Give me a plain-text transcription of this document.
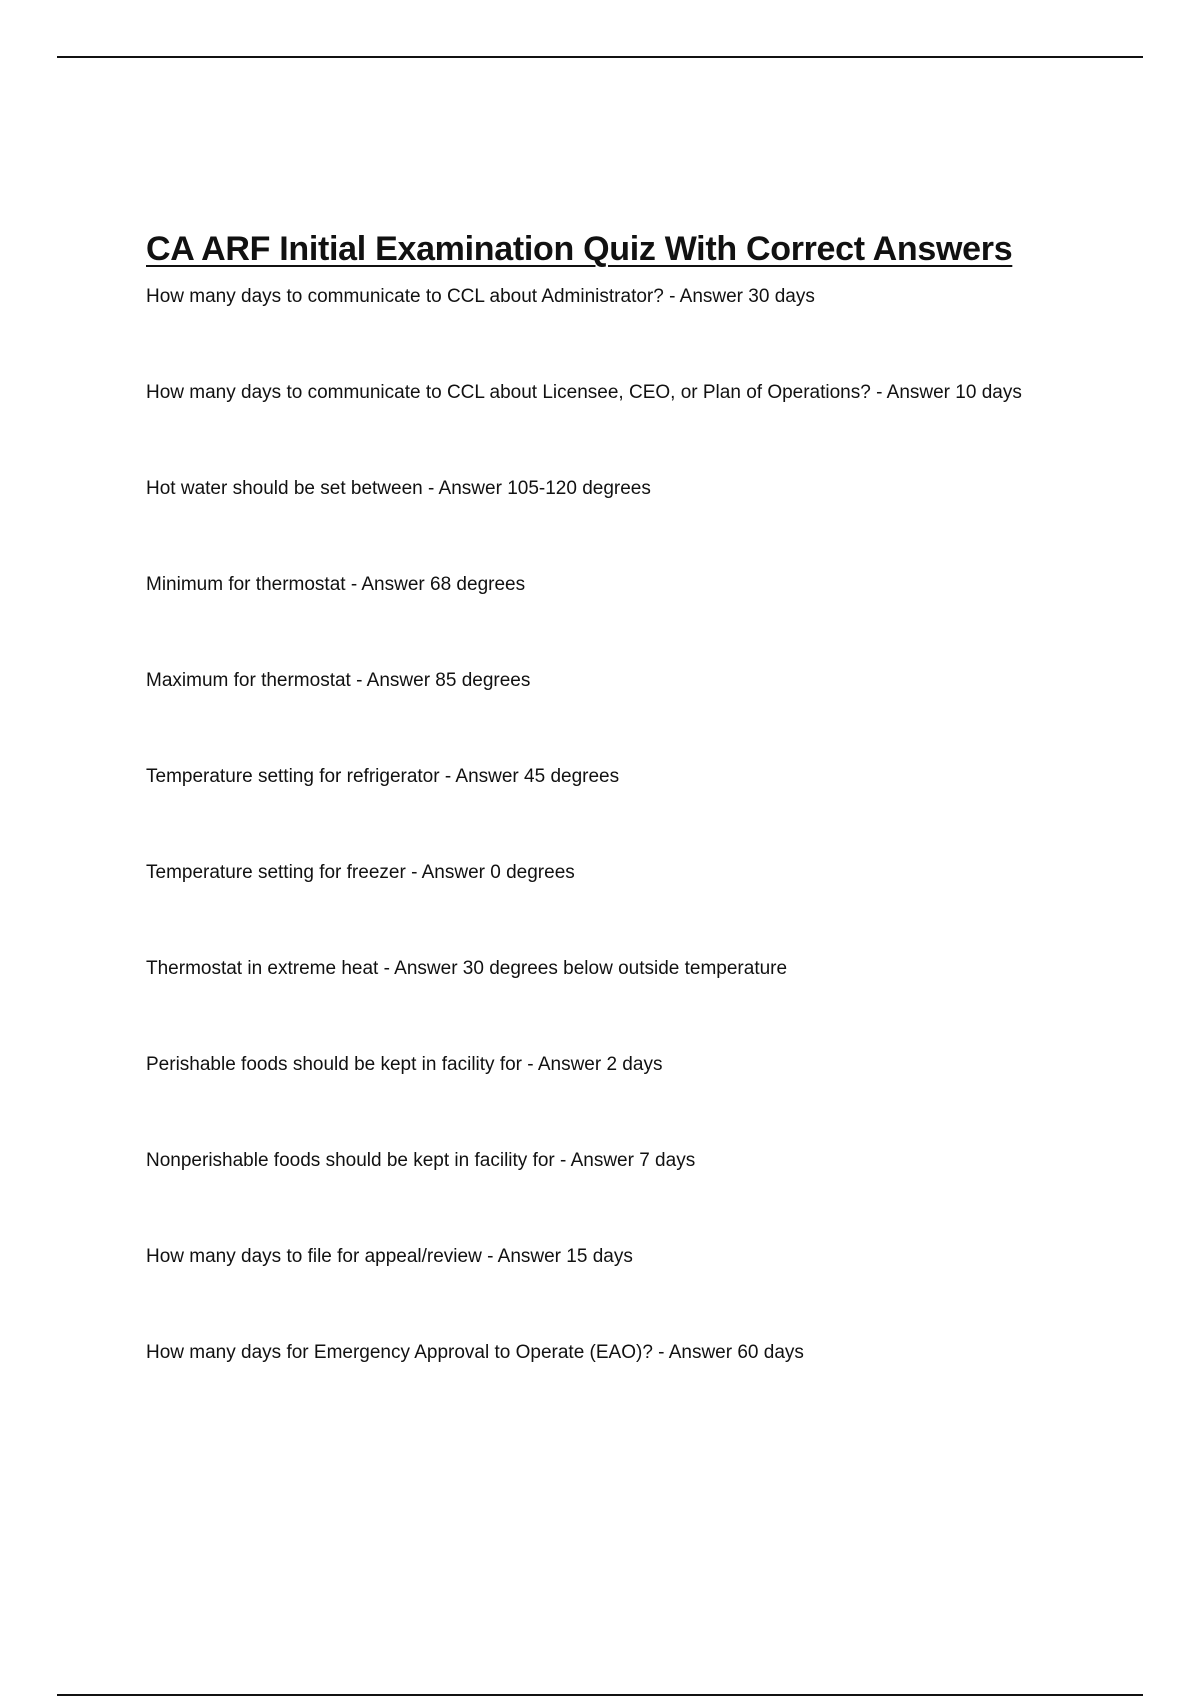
CA ARF Initial Examination Quiz With Correct Answers
How many days to communicate to CCL about Administrator? - Answer 30 days
How many days to communicate to CCL about Licensee, CEO, or Plan of Operations? - Answer 10 days
Hot water should be set between - Answer 105-120 degrees
Minimum for thermostat - Answer 68 degrees
Maximum for thermostat - Answer 85 degrees
Temperature setting for refrigerator - Answer 45 degrees
Temperature setting for freezer - Answer 0 degrees
Thermostat in extreme heat - Answer 30 degrees below outside temperature
Perishable foods should be kept in facility for - Answer 2 days
Nonperishable foods should be kept in facility for - Answer 7 days
How many days to file for appeal/review - Answer 15 days
How many days for Emergency Approval to Operate (EAO)? - Answer 60 days
